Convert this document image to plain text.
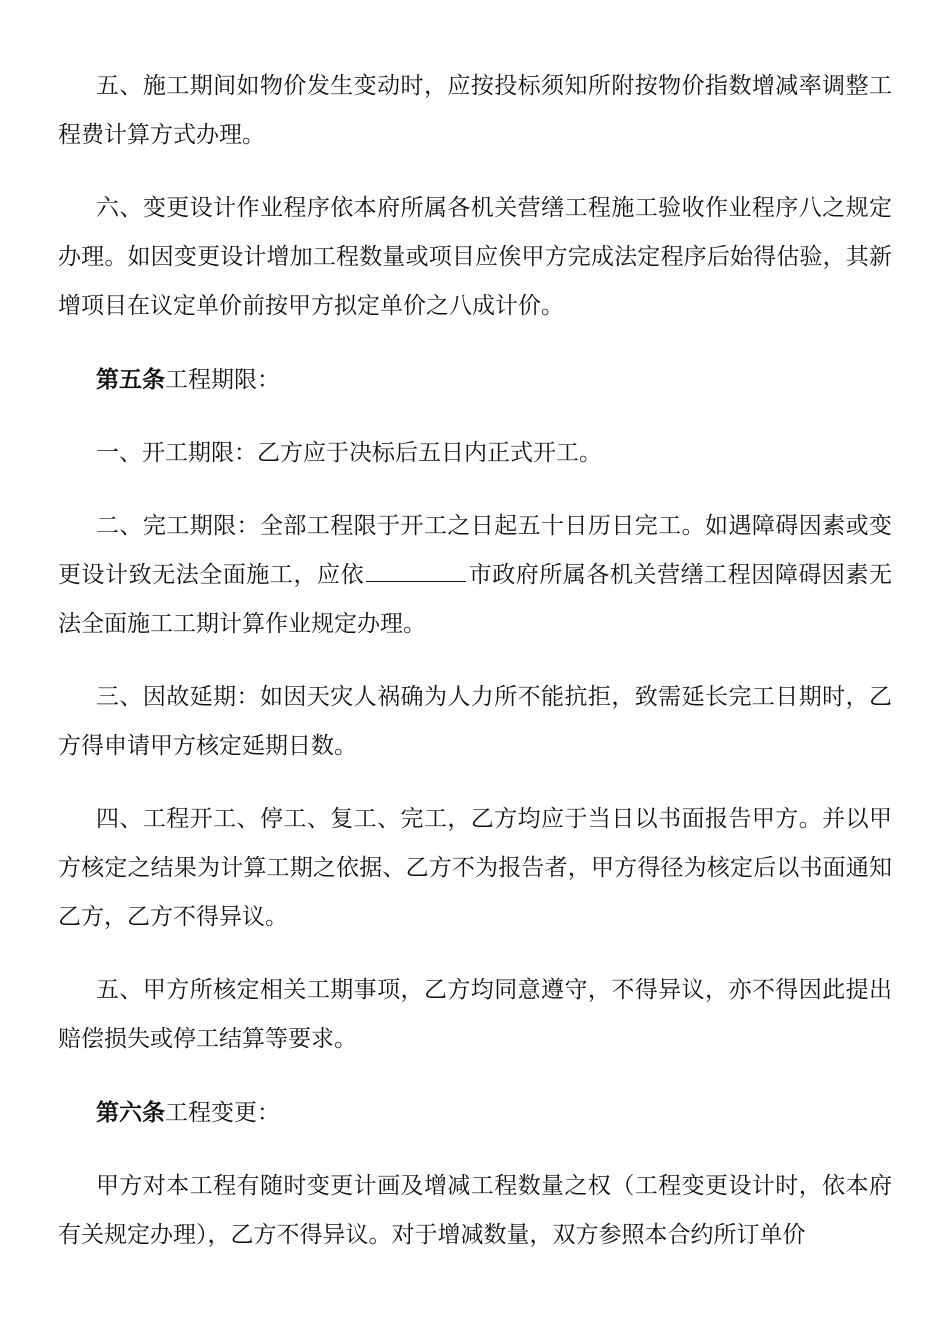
五、施工期间如物价发生变动时，应按投标须知所附按物价指数增减率调整工程费计算方式办理。

六、变更设计作业程序依本府所属各机关营缮工程施工验收作业程序八之规定办理。如因变更设计增加工程数量或项目应俟甲方完成法定程序后始得估验，其新增项目在议定单价前按甲方拟定单价之八成计价。

第五条工程期限：

一、开工期限：乙方应于决标后五日内正式开工。

二、完工期限：全部工程限于开工之日起五十日历日完工。如遇障碍因素或变更设计致无法全面施工，应依	市政府所属各机关营缮工程因障碍因素无法全面施工工期计算作业规定办理。

三、因故延期：如因天灾人祸确为人力所不能抗拒，致需延长完工日期时，乙方得申请甲方核定延期日数。

四、工程开工、停工、复工、完工，乙方均应于当日以书面报告甲方。并以甲方核定之结果为计算工期之依据、乙方不为报告者，甲方得径为核定后以书面通知乙方，乙方不得异议。

五、甲方所核定相关工期事项，乙方均同意遵守，不得异议，亦不得因此提出赔偿损失或停工结算等要求。

第六条工程变更：

甲方对本工程有随时变更计画及增减工程数量之权（工程变更设计时，依本府有关规定办理），乙方不得异议。对于增减数量，双方参照本合约所订单价
